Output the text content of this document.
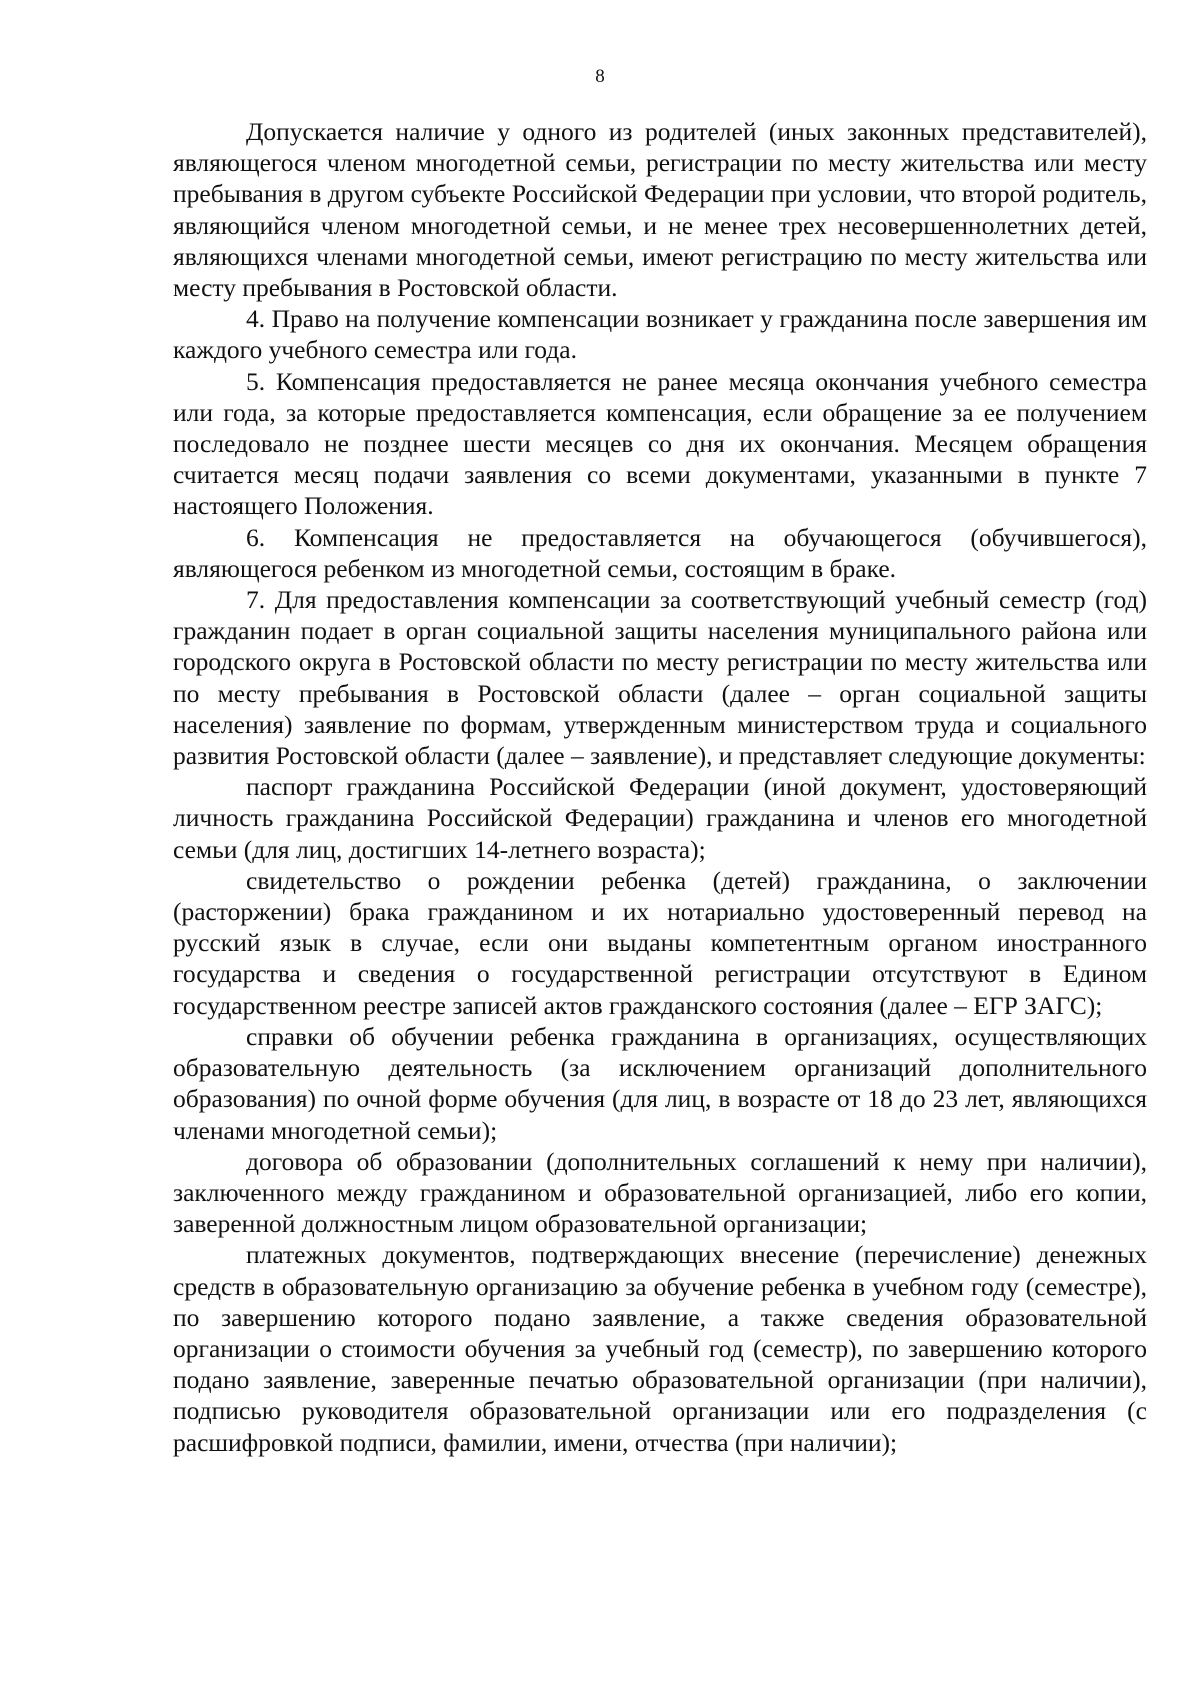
8

Допускается наличие у одного из родителей (иных законных представителей), являющегося членом многодетной семьи, регистрации по месту жительства или месту пребывания в другом субъекте Российской Федерации при условии, что второй родитель, являющийся членом многодетной семьи, и не менее трех несовершеннолетних детей, являющихся членами многодетной семьи, имеют регистрацию по месту жительства или месту пребывания в Ростовской области.

4. Право на получение компенсации возникает у гражданина после завершения им каждого учебного семестра или года.

5. Компенсация предоставляется не ранее месяца окончания учебного семестра или года, за которые предоставляется компенсация, если обращение за ее получением последовало не позднее шести месяцев со дня их окончания. Месяцем обращения считается месяц подачи заявления со всеми документами, указанными в пункте 7 настоящего Положения.

6. Компенсация не предоставляется на обучающегося (обучившегося), являющегося ребенком из многодетной семьи, состоящим в браке.

7. Для предоставления компенсации за соответствующий учебный семестр (год) гражданин подает в орган социальной защиты населения муниципального района или городского округа в Ростовской области по месту регистрации по месту жительства или по месту пребывания в Ростовской области (далее – орган социальной защиты населения) заявление по формам, утвержденным министерством труда и социального развития Ростовской области (далее – заявление), и представляет следующие документы:

паспорт гражданина Российской Федерации (иной документ, удостоверяющий личность гражданина Российской Федерации) гражданина и членов его многодетной семьи (для лиц, достигших 14-летнего возраста);

свидетельство о рождении ребенка (детей) гражданина, о заключении (расторжении) брака гражданином и их нотариально удостоверенный перевод на русский язык в случае, если они выданы компетентным органом иностранного государства и сведения о государственной регистрации отсутствуют в Едином государственном реестре записей актов гражданского состояния (далее – ЕГР ЗАГС);

справки об обучении ребенка гражданина в организациях, осуществляющих образовательную деятельность (за исключением организаций дополнительного образования) по очной форме обучения (для лиц, в возрасте от 18 до 23 лет, являющихся членами многодетной семьи);

договора об образовании (дополнительных соглашений к нему при наличии), заключенного между гражданином и образовательной организацией, либо его копии, заверенной должностным лицом образовательной организации;

платежных документов, подтверждающих внесение (перечисление) денежных средств в образовательную организацию за обучение ребенка в учебном году (семестре), по завершению которого подано заявление, а также сведения образовательной организации о стоимости обучения за учебный год (семестр), по завершению которого подано заявление, заверенные печатью образовательной организации (при наличии), подписью руководителя образовательной организации или его подразделения (с расшифровкой подписи, фамилии, имени, отчества (при наличии);
